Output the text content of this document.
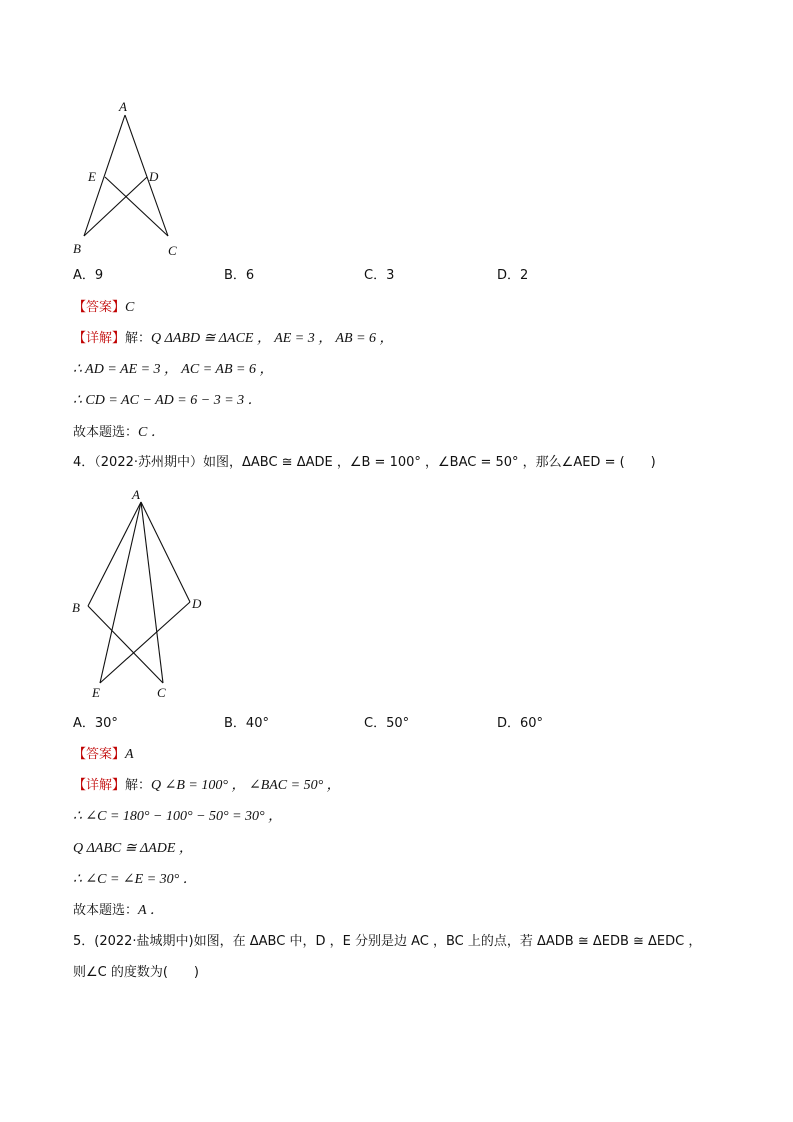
A
E	D
B	C
A．9	B．6	C．3	D．2
【答案】C
【详解】解：Q ΔABD ≅ ΔACE ， AE = 3 ， AB = 6 ，
∴ AD = AE = 3 ， AC = AB = 6 ，
∴ CD = AC − AD = 6 − 3 = 3 ．
故本题选：C ．
4．（2022·苏州期中）如图，ΔABC ≅ ΔADE ，∠B = 100° ，∠BAC = 50° ，那么∠AED = (　　)
A
B	D
E	C
A．30°	B．40°	C．50°	D．60°
【答案】A
【详解】解：Q ∠B = 100° ， ∠BAC = 50° ，
∴ ∠C = 180° − 100° − 50° = 30° ，
Q ΔABC ≅ ΔADE ，
∴ ∠C = ∠E = 30° ．
故本题选：A ．
5．(2022·盐城期中)如图，在 ΔABC 中，D ，E 分别是边 AC ，BC 上的点，若 ΔADB ≅ ΔEDB ≅ ΔEDC ，
则∠C 的度数为(　　)
